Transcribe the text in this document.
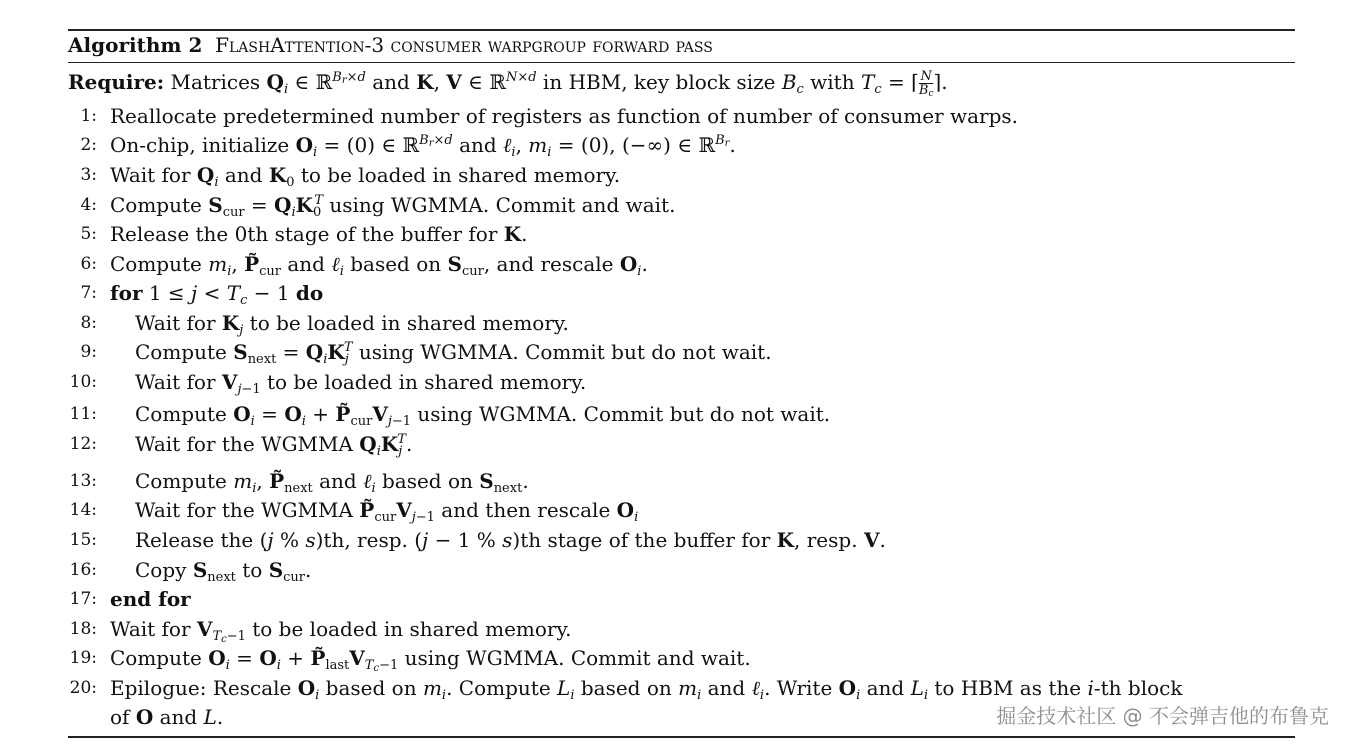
Algorithm 2 FlashAttention-3 consumer warpgroup forward pass
Require: Matrices $Q_i$ ∈ ℝ$^{B_r\times d}$ and K, V ∈ ℝ$^{N\times d}$ in HBM, key block size $B_c$ with $T_c$ = ⌈ $\frac{N}{B_c}$ ⌉.
1: Reallocate predetermined number of registers as function of number of consumer warps.
2: On-chip, initialize $O_i = (0)$ ∈ ℝ$^{B_r\times d}$ and ℓ$_i$, $m_i = (0)$, (−∞) ∈ ℝ$^{B_r}$.
3: Wait for $Q_i$ and $K_0$ to be loaded in shared memory.
4: Compute $S_{cur} = Q_iK_0^T$ using WGMMA. Commit and wait.
5: Release the 0th stage of the buffer for K.
6: Compute $m_i$, $P̃_{cur}$ and ℓ$_i$ based on $S_{cur}$, and rescale $O_i$.
7: for $1 \le j < T_c - 1$ do
8: Wait for $K_j$ to be loaded in shared memory.
9: Compute $S_{next} = Q_iK_j^T$ using WGMMA. Commit but do not wait.
10: Wait for $V_{j-1}$ to be loaded in shared memory.
11: Compute $O_i = O_i$ + $P̃_{cur}V_{j-1}$ using WGMMA. Commit but do not wait.
12: Wait for the WGMMA $Q_iK_j^T$.
13: Compute $m_i$, $P̃_{next}$ and ℓ$_i$ based on $S_{next}$.
14: Wait for the WGMMA $P̃_{cur}V_{j-1}$ and then rescale $O_i$
15: Release the (j % s)th, resp. (j − 1 % s)th stage of the buffer for K, resp. V.
16: Copy $S_{next}$ to $S_{cur}$.
17: end for
18: Wait for $V_{T_c-1}$ to be loaded in shared memory.
19: Compute $O_i = O_i$ + $P̃_{last}V_{T_c-1}$ using WGMMA. Commit and wait.
20: Epilogue: Rescale $O_i$ based on $m_i$. Compute $L_i$ based on $m_i$ and ℓ$_i$. Write $O_i$ and $L_i$ to HBM as the i-th block
of O and L.	掘金技术社区 @ 不会弹吉他的布鲁克
